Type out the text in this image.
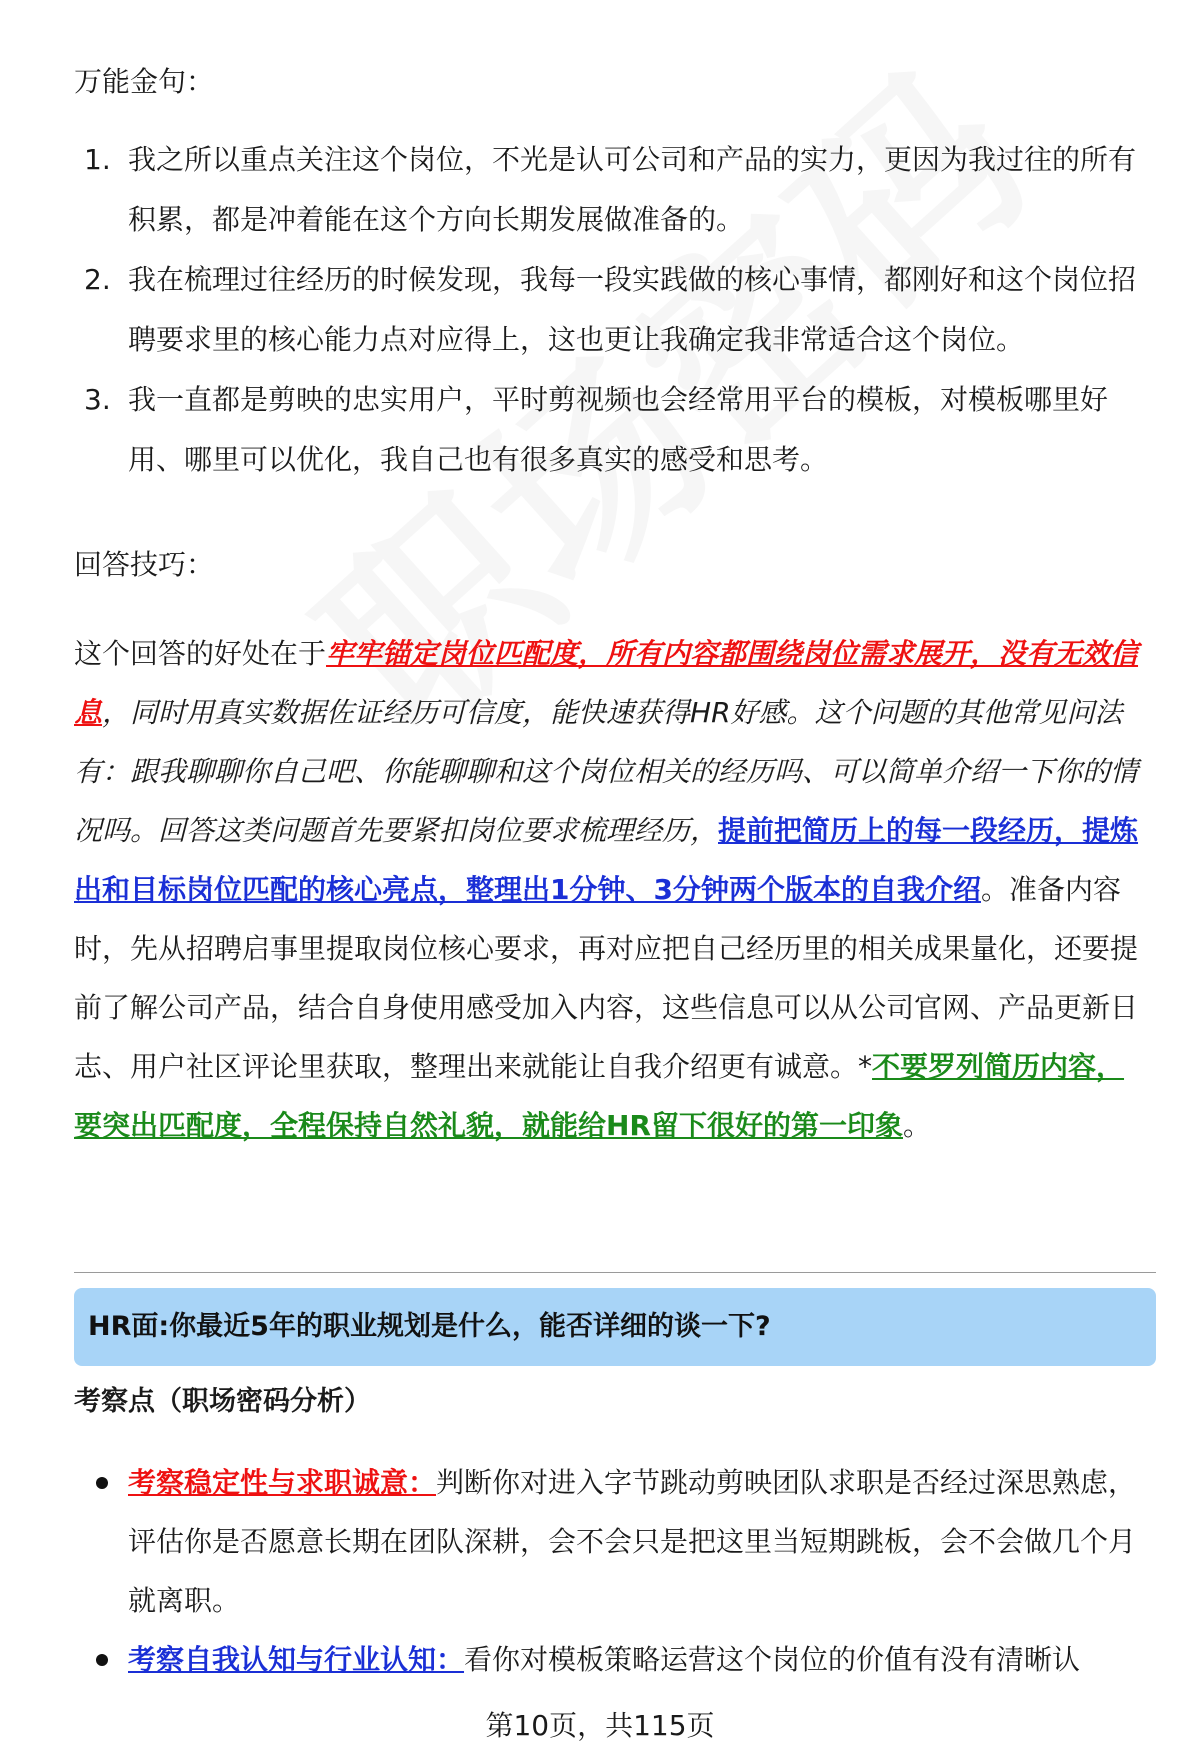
万能金句：
1. 我之所以重点关注这个岗位，不光是认可公司和产品的实力，更因为我过往的所有积累，都是冲着能在这个方向长期发展做准备的。
2. 我在梳理过往经历的时候发现，我每一段实践做的核心事情，都刚好和这个岗位招聘要求里的核心能力点对应得上，这也更让我确定我非常适合这个岗位。
3. 我一直都是剪映的忠实用户，平时剪视频也会经常用平台的模板，对模板哪里好用、哪里可以优化，我自己也有很多真实的感受和思考。
回答技巧：

这个回答的好处在于牢牢锚定岗位匹配度，所有内容都围绕岗位需求展开，没有无效信息，同时用真实数据佐证经历可信度，能快速获得HR好感。这个问题的其他常见问法有：跟我聊聊你自己吧、你能聊聊和这个岗位相关的经历吗、可以简单介绍一下你的情况吗。回答这类问题首先要紧扣岗位要求梳理经历，提前把简历上的每一段经历，提炼出和目标岗位匹配的核心亮点，整理出1分钟、3分钟两个版本的自我介绍。准备内容时，先从招聘启事里提取岗位核心要求，再对应把自己经历里的相关成果量化，还要提前了解公司产品，结合自身使用感受加入内容，这些信息可以从公司官网、产品更新日志、用户社区评论里获取，整理出来就能让自我介绍更有诚意。*不要罗列简历内容，要突出匹配度，全程保持自然礼貌，就能给HR留下很好的第一印象。

HR面:你最近5年的职业规划是什么，能否详细的谈一下?
考察点（职场密码分析）
考察稳定性与求职诚意：判断你对进入字节跳动剪映团队求职是否经过深思熟虑，评估你是否愿意长期在团队深耕，会不会只是把这里当短期跳板，会不会做几个月就离职。
考察自我认知与行业认知：看你对模板策略运营这个岗位的价值有没有清晰认
第10页，共115页
